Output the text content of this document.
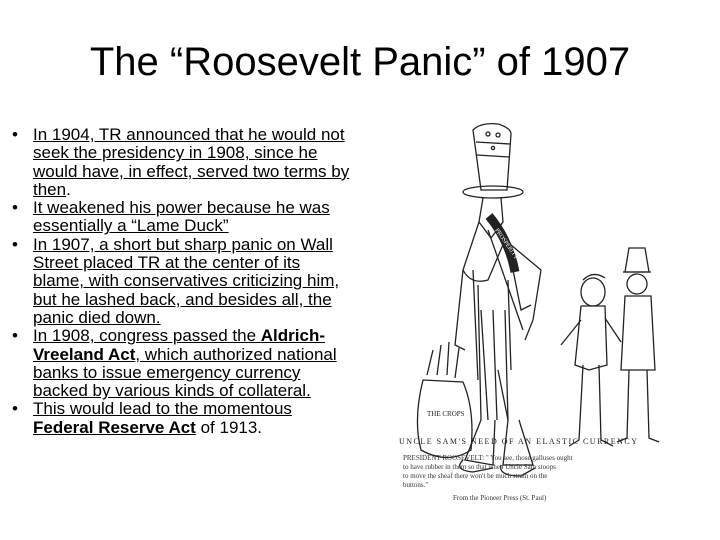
The “Roosevelt Panic” of 1907
• In 1904, TR announced that he would not seek the presidency in 1908, since he would have, in effect, served two terms by then.
• It weakened his power because he was essentially a “Lame Duck”
• In 1907, a short but sharp panic on Wall Street placed TR at the center of its blame, with conservatives criticizing him, but he lashed back, and besides all, the panic died down.
• In 1908, congress passed the Aldrich-Vreeland Act, which authorized national banks to issue emergency currency backed by various kinds of collateral.
• This would lead to the momentous Federal Reserve Act of 1913.
PROSPERITY
THE CROPS
UNCLE SAM'S NEED OF AN ELASTIC CURRENCY
PRESIDENT ROOSEVELT: " You see, those galluses ought
to have rubber in them so that when Uncle Sam stoops
to move the sheaf there won't be much strain on the
buttons."
From the Pioneer Press (St. Paul)
